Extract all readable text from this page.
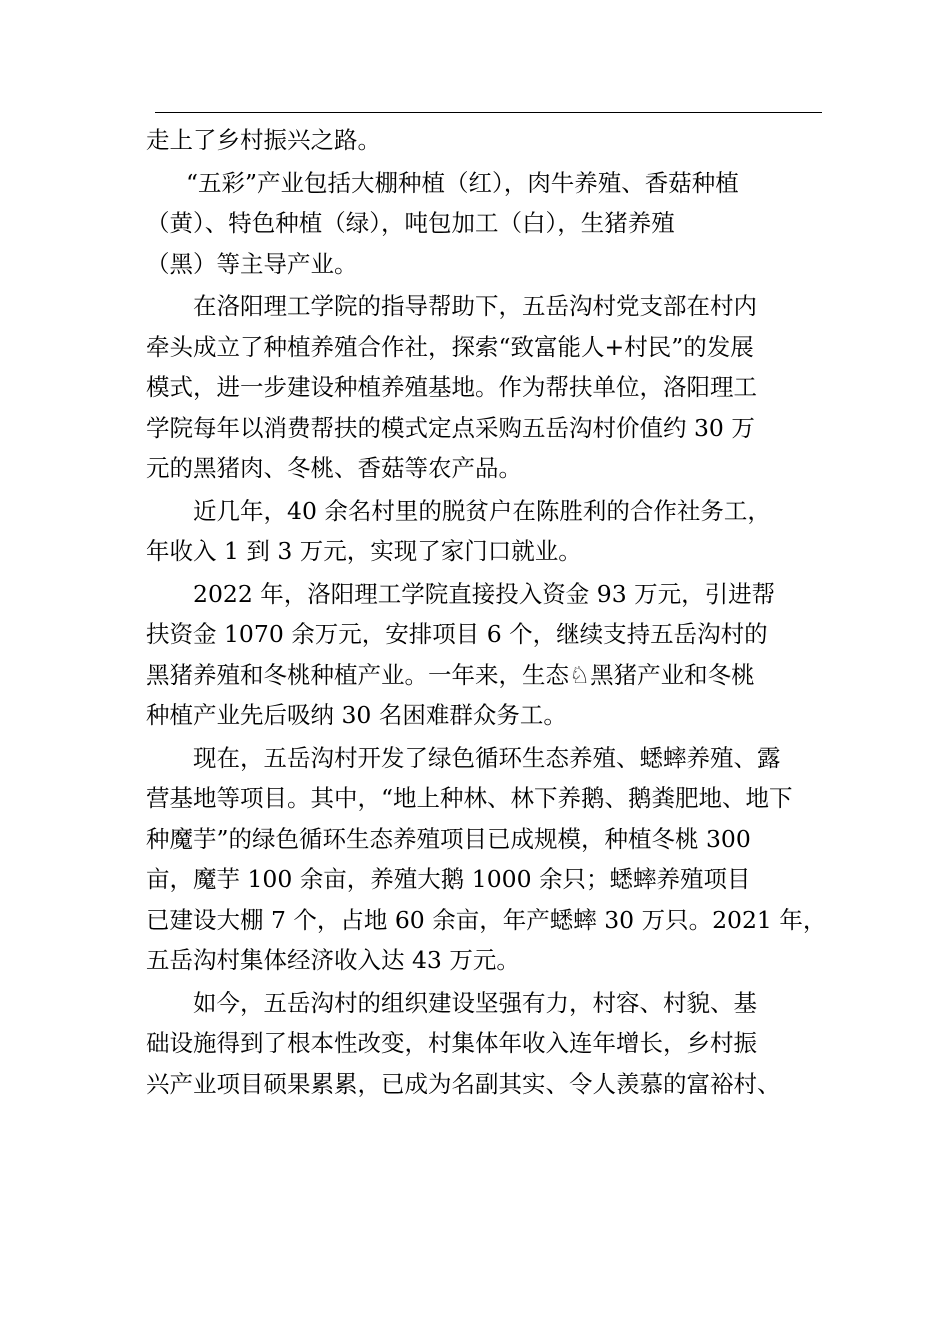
走上了乡村振兴之路。
“五彩”产业包括大棚种植（红），肉牛养殖、香菇种植
（黄）、特色种植（绿），吨包加工（白），生猪养殖
（黑）等主导产业。
在洛阳理工学院的指导帮助下，五岳沟村党支部在村内
牵头成立了种植养殖合作社，探索“致富能人+村民”的发展
模式，进一步建设种植养殖基地。作为帮扶单位，洛阳理工
学院每年以消费帮扶的模式定点采购五岳沟村价值约 30 万
元的黑猪肉、冬桃、香菇等农产品。
近几年，40 余名村里的脱贫户在陈胜利的合作社务工，
年收入 1 到 3 万元，实现了家门口就业。
2022 年，洛阳理工学院直接投入资金 93 万元，引进帮
扶资金 1070 余万元，安排项目 6 个，继续支持五岳沟村的
黑猪养殖和冬桃种植产业。一年来，生态♘黑猪产业和冬桃
种植产业先后吸纳 30 名困难群众务工。
现在，五岳沟村开发了绿色循环生态养殖、蟋蟀养殖、露
营基地等项目。其中，“地上种林、林下养鹅、鹅粪肥地、地下
种魔芋”的绿色循环生态养殖项目已成规模，种植冬桃 300
亩，魔芋 100 余亩，养殖大鹅 1000 余只；蟋蟀养殖项目
已建设大棚 7 个，占地 60 余亩，年产蟋蟀 30 万只。2021 年，
五岳沟村集体经济收入达 43 万元。
如今，五岳沟村的组织建设坚强有力，村容、村貌、基
础设施得到了根本性改变，村集体年收入连年增长，乡村振
兴产业项目硕果累累，已成为名副其实、令人羡慕的富裕村、
